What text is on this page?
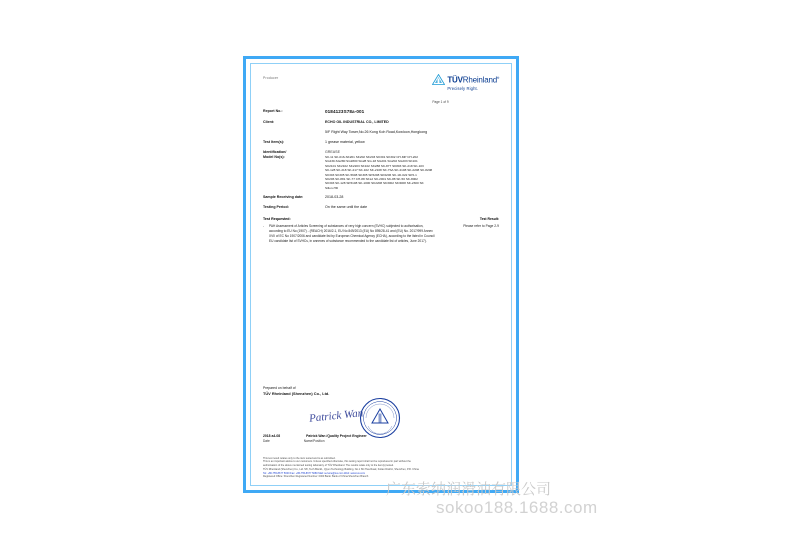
Producer	TÜVRheinland®
Precisely Right.
Page 1 of 9
Report No.:	0184123S78a-001
Client:	ECHO OIL INDUSTRIAL CO., LIMITED
5/F Right Way Tower,No.26 Kong Koh Road,Kowloon,Hongkong
Test Item(s):	1 grease material, yellow
Identification/
Model No(s):
GREASE
SK-11 SK-016-SK201 SK202 SK203 SK301 SK302 CH-MP CH-202
SG230-SG280 SG2800 SG28 SG-18 SG201 SG202 SG203 SK101
SK2101 SK2102 SK2203 SK102 SK288 SK-877 SK803 SK-218 SK-103
SK-128 SK-218 SK-217 SK-102 SK-2108 SK-7SA SK-2108 SK-2208 SK-8208
SK303 SK305 SK-5608 SK305 SK5208 SK6206 SK-1D-022 SK5-1
SK206 SK-881 SK-77 CH-88 SKL2 SK-2001 SK-88 SK-50 SK-8002
SK303 SK-128 SK5108 SK-1000 SK2208 SK3002 SK3008 SK-2300 SK
Sillon-HD
Sample Receiving date:	2018-03-28
Testing Period:	On the same until the date
Test Requested:	Test Result:
- PAH Assessment of Articles Screening of substances of very high concern (SVHC) subjected to authorisation, according to EU No (1907) - (REACH) 2016/2-1, EU No 849/2013 (EU) No 895/28-41 and (EU) No. 2017/999 Annex XVII of EC No 1907/2006 and candidate list by European Chemical Agency (ECHA), according to the listed in Council EU candidate list of SVHCs, in annexes of substance recommended to the candidate list of articles, June 2017).
Please refer to Page 2-9
Prepared on behalf of
TÜV Rheinland (Shenzhen) Co., Ltd.
Patrick Wan
2018 a4-08	Patrick Wan /Quality Project Engineer
Date	Name/Position
This test result relates only to the item tested and is as submitted.
This is an important advice to our customers. Unless specified otherwise, this testing report shall not be reproduced in part without the
authorisation of the above mentioned testing laboratory of TÜV Rheinland. The results relate only to the item(s) tested.
TÜV Rheinland (Shenzhen) Co., Ltd. 5/F, Tech Block1, Qiyun Technology Building, No.1 Shi Hua Road, Futian District, Shenzhen, P.R. China
Tel: +86-755-8677 5000 Fax: +86-755-8677 5080 Mail: service@tuv.com Web: www.tuv.com
Registered Office: Shenzhen Registered Number: 0000 Bank: Bank of China Shenzhen Branch
广东索纳润滑油有限公司
sokoo188.1688.com
